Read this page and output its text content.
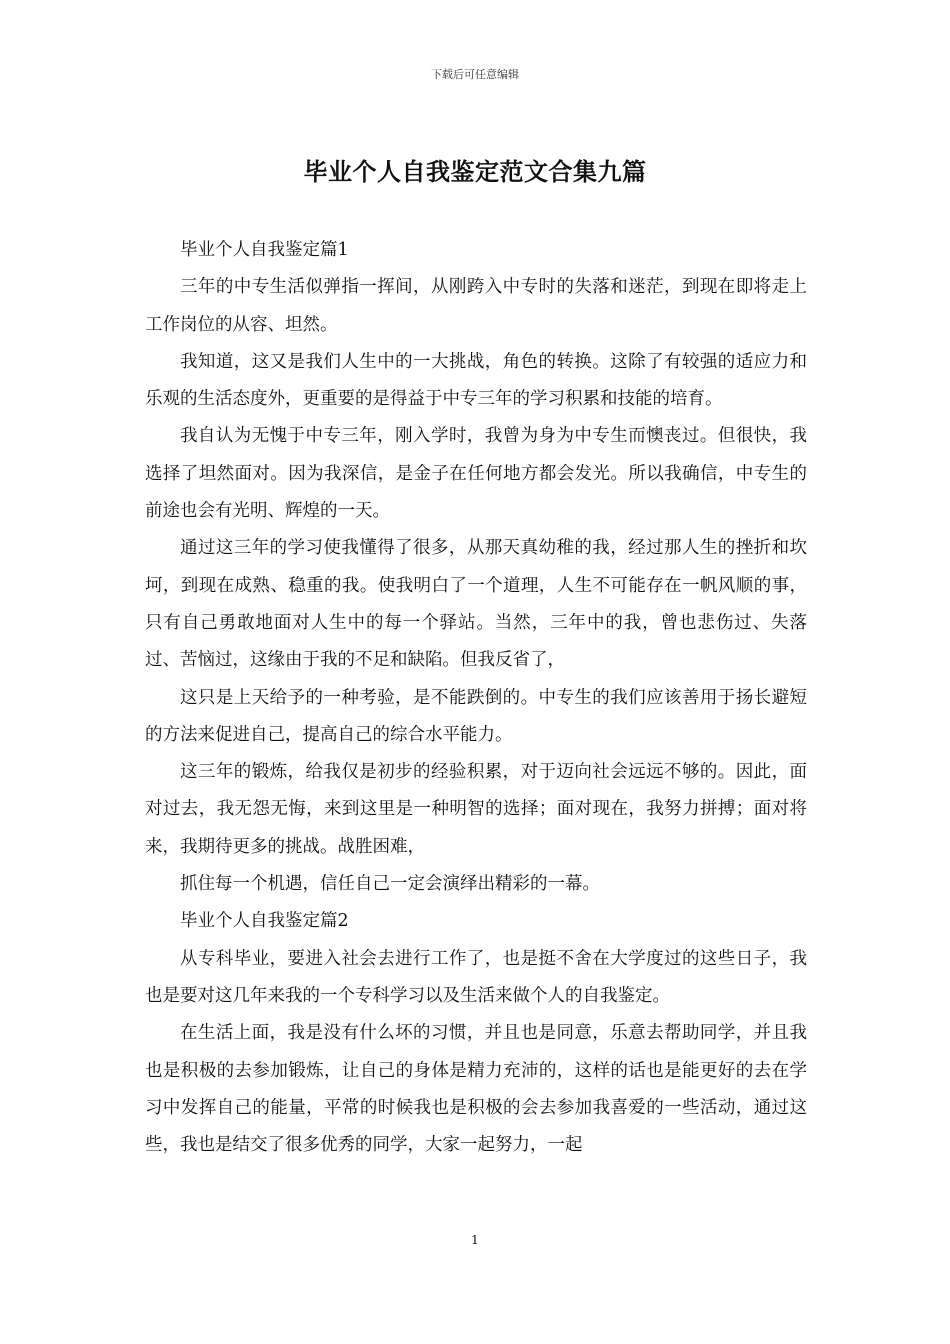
下载后可任意编辑
毕业个人自我鉴定范文合集九篇

毕业个人自我鉴定篇1

三年的中专生活似弹指一挥间，从刚跨入中专时的失落和迷茫，到现在即将走上工作岗位的从容、坦然。

我知道，这又是我们人生中的一大挑战，角色的转换。这除了有较强的适应力和乐观的生活态度外，更重要的是得益于中专三年的学习积累和技能的培育。

我自认为无愧于中专三年，刚入学时，我曾为身为中专生而懊丧过。但很快，我选择了坦然面对。因为我深信，是金子在任何地方都会发光。所以我确信，中专生的前途也会有光明、辉煌的一天。

通过这三年的学习使我懂得了很多，从那天真幼稚的我，经过那人生的挫折和坎坷，到现在成熟、稳重的我。使我明白了一个道理，人生不可能存在一帆风顺的事，只有自己勇敢地面对人生中的每一个驿站。当然，三年中的我，曾也悲伤过、失落过、苦恼过，这缘由于我的不足和缺陷。但我反省了，

这只是上天给予的一种考验，是不能跌倒的。中专生的我们应该善用于扬长避短的方法来促进自己，提高自己的综合水平能力。

这三年的锻炼，给我仅是初步的经验积累，对于迈向社会远远不够的。因此，面对过去，我无怨无悔，来到这里是一种明智的选择；面对现在，我努力拼搏；面对将来，我期待更多的挑战。战胜困难，

抓住每一个机遇，信任自己一定会演绎出精彩的一幕。

毕业个人自我鉴定篇2

从专科毕业，要进入社会去进行工作了，也是挺不舍在大学度过的这些日子，我也是要对这几年来我的一个专科学习以及生活来做个人的自我鉴定。

在生活上面，我是没有什么坏的习惯，并且也是同意，乐意去帮助同学，并且我也是积极的去参加锻炼，让自己的身体是精力充沛的，这样的话也是能更好的去在学习中发挥自己的能量，平常的时候我也是积极的会去参加我喜爱的一些活动，通过这些，我也是结交了很多优秀的同学，大家一起努力，一起

1
